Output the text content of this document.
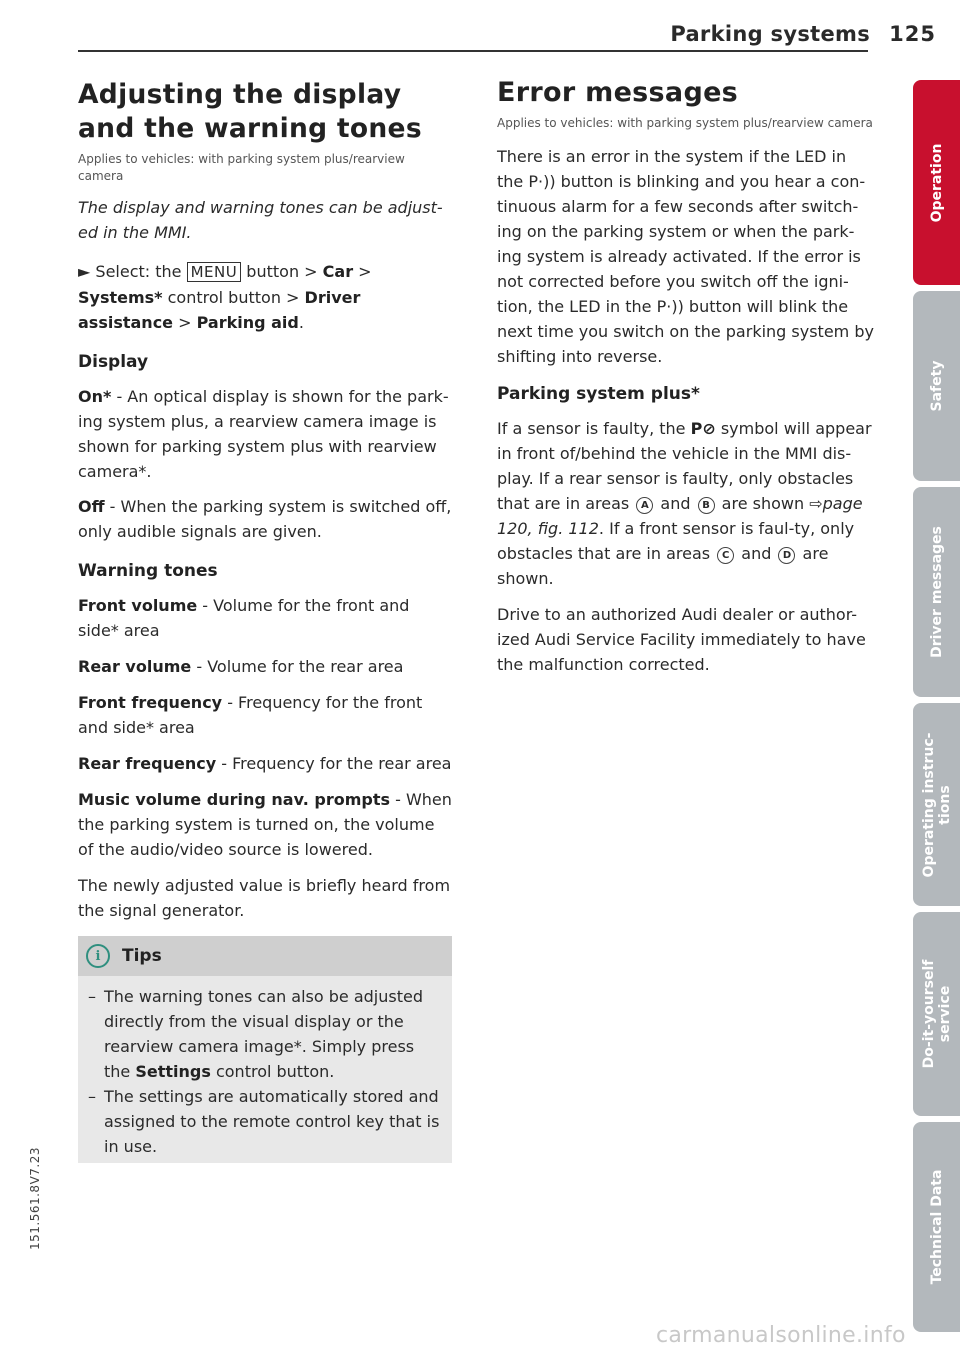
Parking systems 125
Adjusting the display
and the warning tones

Applies to vehicles: with parking system plus/rearview camera

The display and warning tones can be adjust-ed in the MMI.

► Select: the MENU button > Car > Systems* control button > Driver assistance > Parking aid.

Display

On* - An optical display is shown for the park-ing system plus, a rearview camera image is shown for parking system plus with rearview camera*.

Off - When the parking system is switched off, only audible signals are given.

Warning tones

Front volume - Volume for the front and side* area

Rear volume - Volume for the rear area

Front frequency - Frequency for the front and side* area

Rear frequency - Frequency for the rear area

Music volume during nav. prompts - When the parking system is turned on, the volume of the audio/video source is lowered.

The newly adjusted value is briefly heard from the signal generator.

i	Tips
– The warning tones can also be adjusted directly from the visual display or the rearview camera image*. Simply press the Settings control button.
– The settings are automatically stored and assigned to the remote control key that is in use.
Error messages

Applies to vehicles: with parking system plus/rearview camera

There is an error in the system if the LED in the P·)) button is blinking and you hear a con-tinuous alarm for a few seconds after switch-ing on the parking system or when the park-ing system is already activated. If the error is not corrected before you switch off the igni-tion, the LED in the P·)) button will blink the next time you switch on the parking system by shifting into reverse.

Parking system plus*

If a sensor is faulty, the P⊘ symbol will appear in front of/behind the vehicle in the MMI dis-play. If a rear sensor is faulty, only obstacles that are in areas A and B are shown ⇨page 120, fig. 112. If a front sensor is faul-ty, only obstacles that are in areas C and D are shown.

Drive to an authorized Audi dealer or author-ized Audi Service Facility immediately to have the malfunction corrected.

Operation
Safety
Driver messages
Operating instruc-
tions
Do-it-yourself
service
Technical Data
151.561.8V7.23
carmanualsonline.info
